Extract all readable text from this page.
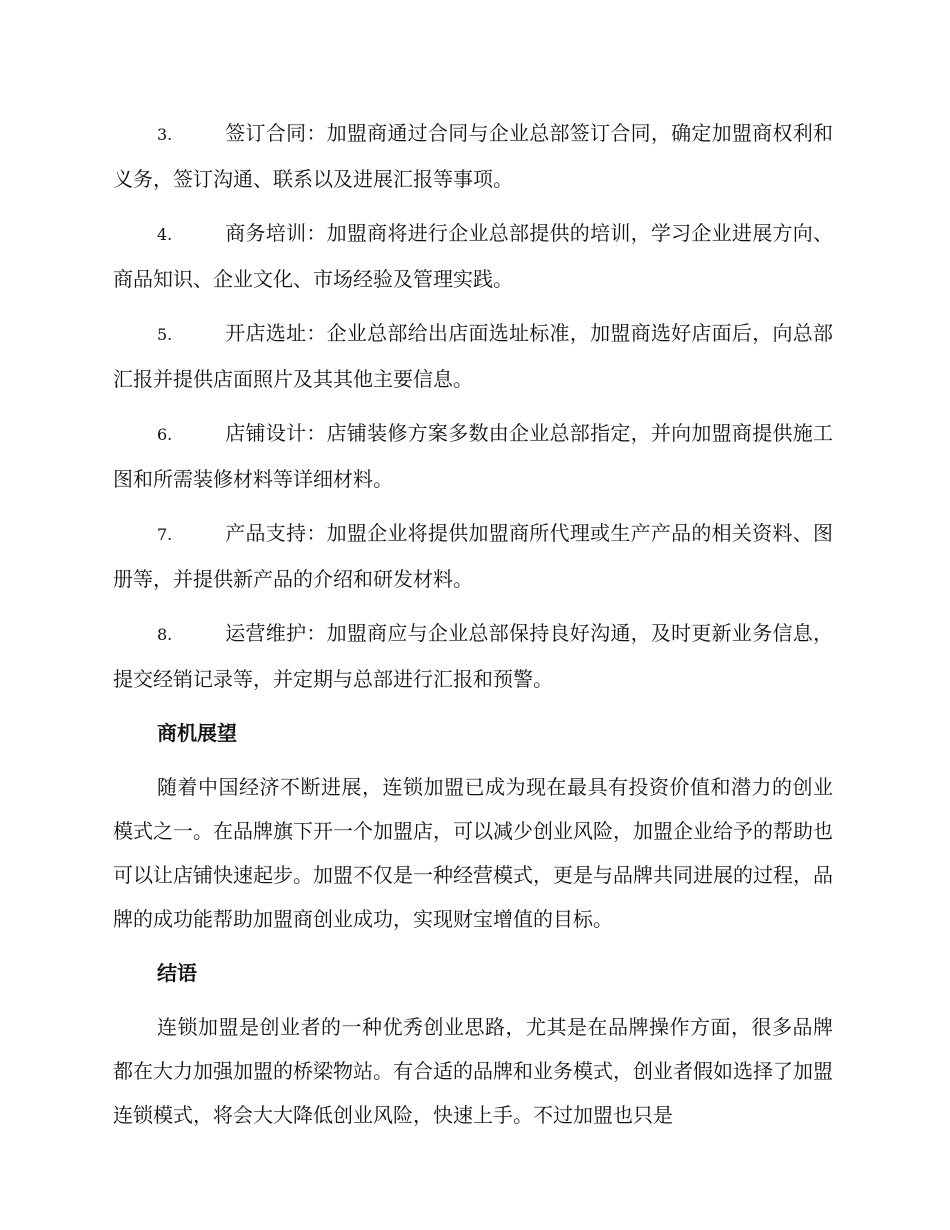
3.	签订合同：加盟商通过合同与企业总部签订合同，确定加盟商权利和义务，签订沟通、联系以及进展汇报等事项。

4.	商务培训：加盟商将进行企业总部提供的培训，学习企业进展方向、商品知识、企业文化、市场经验及管理实践。

5.	开店选址：企业总部给出店面选址标准，加盟商选好店面后，向总部汇报并提供店面照片及其其他主要信息。

6.	店铺设计：店铺装修方案多数由企业总部指定，并向加盟商提供施工图和所需装修材料等详细材料。

7.	产品支持：加盟企业将提供加盟商所代理或生产产品的相关资料、图册等，并提供新产品的介绍和研发材料。

8.	运营维护：加盟商应与企业总部保持良好沟通，及时更新业务信息，提交经销记录等，并定期与总部进行汇报和预警。

商机展望

随着中国经济不断进展，连锁加盟已成为现在最具有投资价值和潜力的创业模式之一。在品牌旗下开一个加盟店，可以减少创业风险，加盟企业给予的帮助也可以让店铺快速起步。加盟不仅是一种经营模式，更是与品牌共同进展的过程，品牌的成功能帮助加盟商创业成功，实现财宝增值的目标。

结语

连锁加盟是创业者的一种优秀创业思路，尤其是在品牌操作方面，很多品牌都在大力加强加盟的桥梁物站。有合适的品牌和业务模式，创业者假如选择了加盟连锁模式，将会大大降低创业风险，快速上手。不过加盟也只是
